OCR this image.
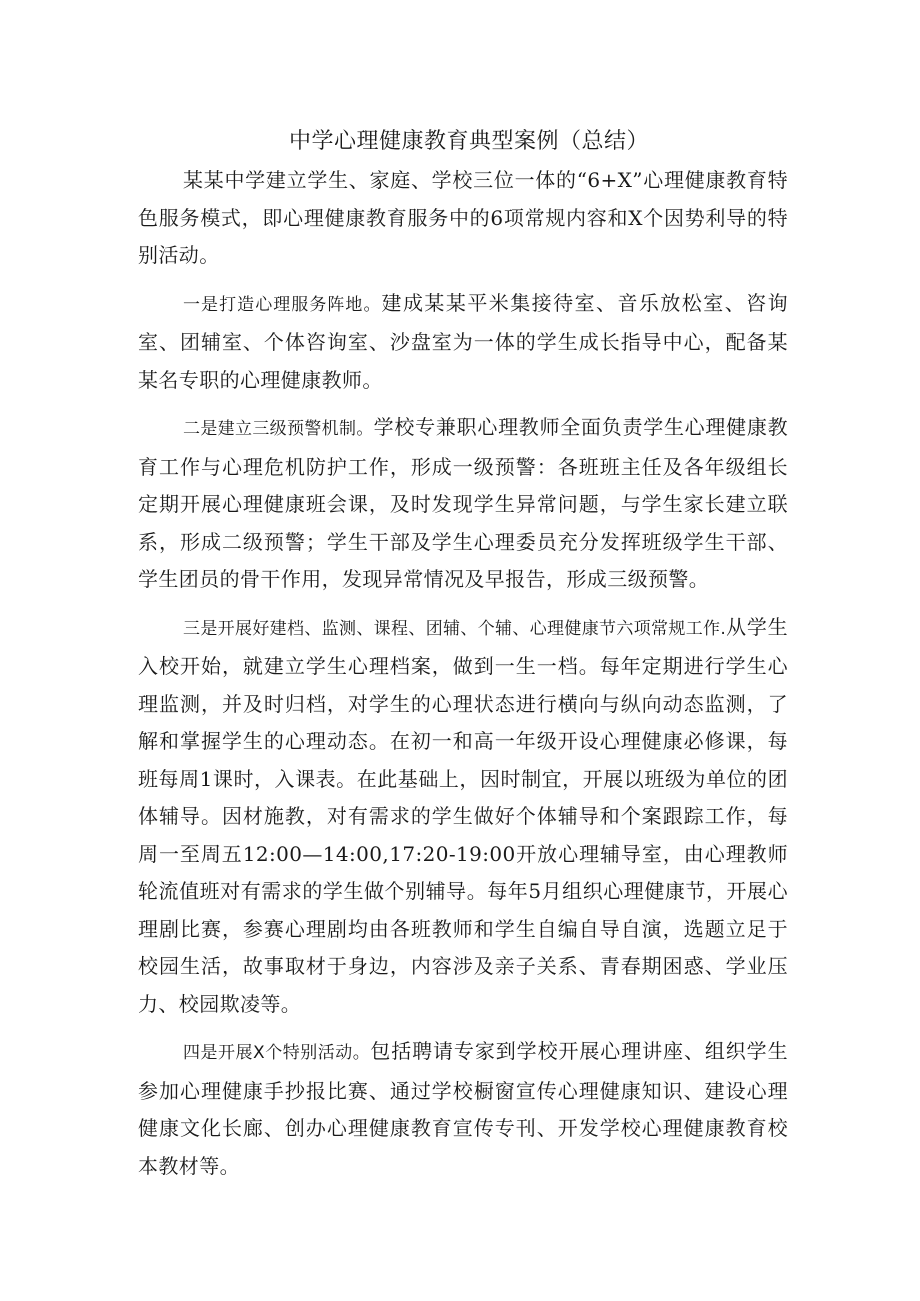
中学心理健康教育典型案例（总结）

某某中学建立学生、家庭、学校三位一体的“6+X”心理健康教育特色服务模式，即心理健康教育服务中的6项常规内容和X个因势利导的特别活动。

一是打造心理服务阵地。建成某某平米集接待室、音乐放松室、咨询室、团辅室、个体咨询室、沙盘室为一体的学生成长指导中心，配备某某名专职的心理健康教师。

二是建立三级预警机制。学校专兼职心理教师全面负责学生心理健康教育工作与心理危机防护工作，形成一级预警：各班班主任及各年级组长定期开展心理健康班会课，及时发现学生异常问题，与学生家长建立联系，形成二级预警；学生干部及学生心理委员充分发挥班级学生干部、学生团员的骨干作用，发现异常情况及早报告，形成三级预警。

三是开展好建档、监测、课程、团辅、个辅、心理健康节六项常规工作.从学生入校开始，就建立学生心理档案，做到一生一档。每年定期进行学生心理监测，并及时归档，对学生的心理状态进行横向与纵向动态监测，了解和掌握学生的心理动态。在初一和高一年级开设心理健康必修课，每班每周1课时，入课表。在此基础上，因时制宜，开展以班级为单位的团体辅导。因材施教，对有需求的学生做好个体辅导和个案跟踪工作，每周一至周五12:00—14:00,17:20-19:00开放心理辅导室，由心理教师轮流值班对有需求的学生做个别辅导。每年5月组织心理健康节，开展心理剧比赛，参赛心理剧均由各班教师和学生自编自导自演，选题立足于校园生活，故事取材于身边，内容涉及亲子关系、青春期困惑、学业压力、校园欺凌等。

四是开展X个特别活动。包括聘请专家到学校开展心理讲座、组织学生参加心理健康手抄报比赛、通过学校橱窗宣传心理健康知识、建设心理健康文化长廊、创办心理健康教育宣传专刊、开发学校心理健康教育校本教材等。
